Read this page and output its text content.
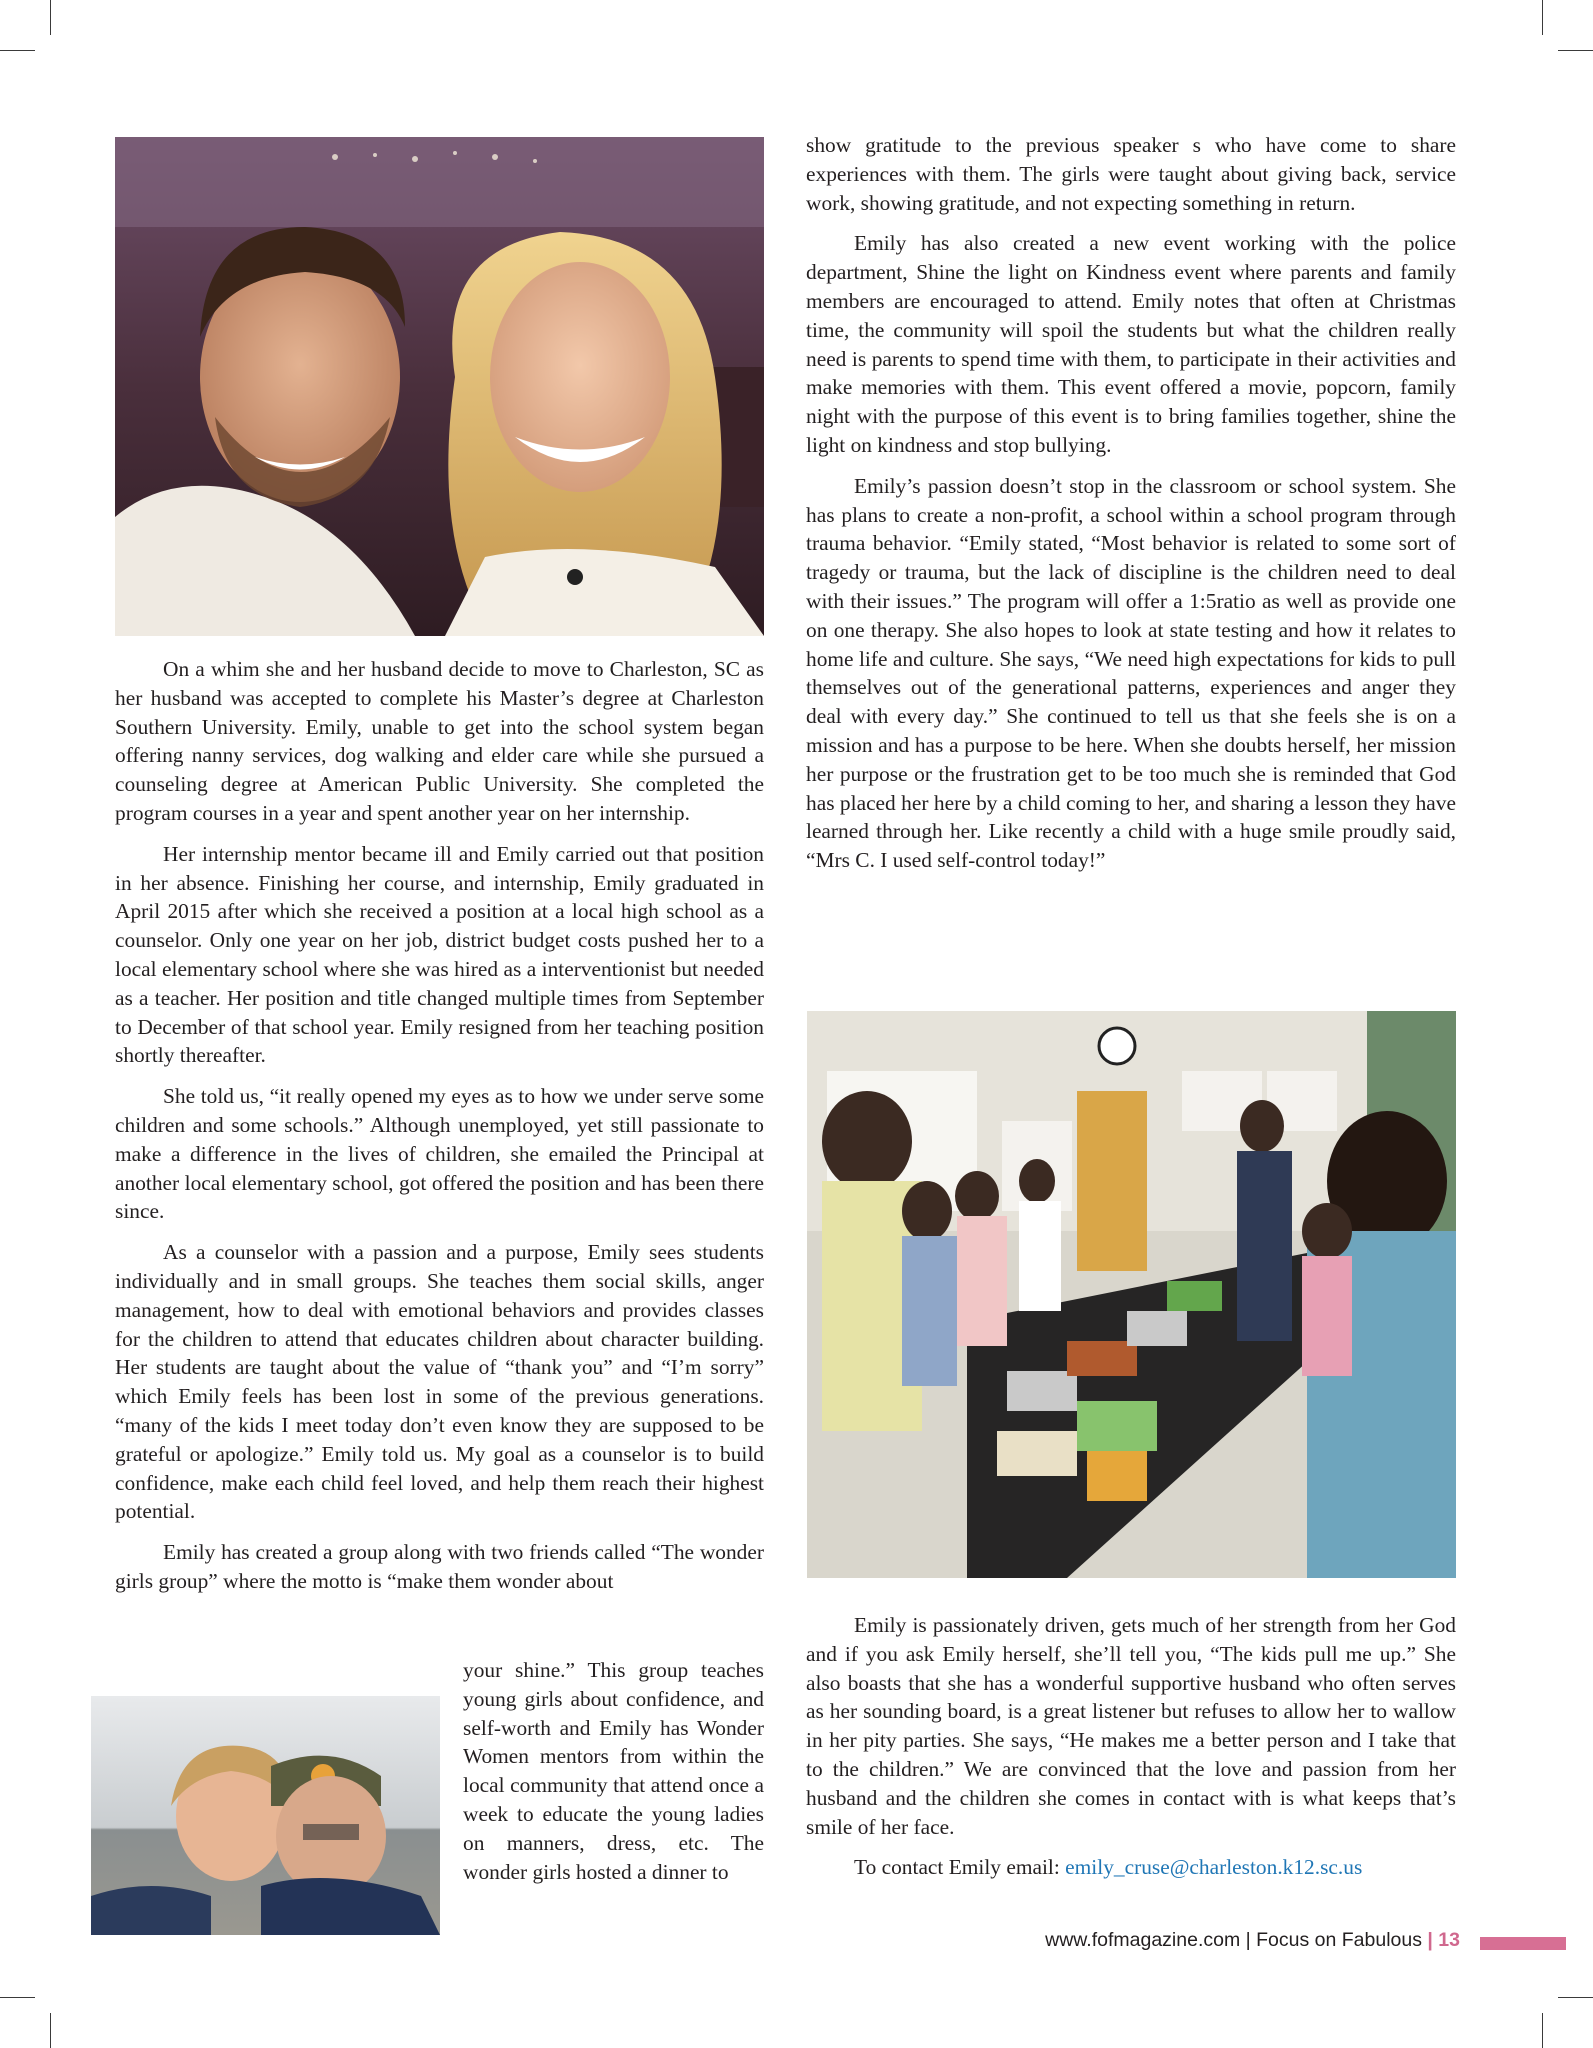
On a whim she and her husband decide to move to Charleston, SC as her husband was accepted to complete his Master’s degree at Charleston Southern University. Emily, unable to get into the school system began offering nanny services, dog walking and elder care while she pursued a counseling degree at American Public University. She completed the program courses in a year and spent another year on her internship.

Her internship mentor became ill and Emily carried out that position in her absence. Finishing her course, and internship, Emily graduated in April 2015 after which she received a position at a local high school as a counselor. Only one year on her job, district budget costs pushed her to a local elementary school where she was hired as a interventionist but needed as a teacher. Her position and title changed multiple times from September to December of that school year. Emily resigned from her teaching position shortly thereafter.

She told us, “it really opened my eyes as to how we under serve some children and some schools.” Although unemployed, yet still passionate to make a difference in the lives of children, she emailed the Principal at another local elementary school, got offered the position and has been there since.

As a counselor with a passion and a purpose, Emily sees students individually and in small groups. She teaches them social skills, anger management, how to deal with emotional behaviors and provides classes for the children to attend that educates children about character building. Her students are taught about the value of “thank you” and “I’m sorry” which Emily feels has been lost in some of the previous generations. “many of the kids I meet today don’t even know they are supposed to be grateful or apologize.” Emily told us. My goal as a counselor is to build confidence, make each child feel loved, and help them reach their highest potential.

Emily has created a group along with two friends called “The wonder girls group” where the motto is “make them wonder about

your shine.” This group teaches young girls about confidence, and self-worth and Emily has Wonder Women mentors from within the local community that attend once a week to educate the young ladies on manners, dress, etc. The wonder girls hosted a dinner to

show gratitude to the previous speaker s who have come to share experiences with them. The girls were taught about giving back, service work, showing gratitude, and not expecting something in return.

Emily has also created a new event working with the police department, Shine the light on Kindness event where parents and family members are encouraged to attend. Emily notes that often at Christmas time, the community will spoil the students but what the children really need is parents to spend time with them, to participate in their activities and make memories with them. This event offered a movie, popcorn, family night with the purpose of this event is to bring families together, shine the light on kindness and stop bullying.

Emily’s passion doesn’t stop in the classroom or school system. She has plans to create a non-profit, a school within a school program through trauma behavior. “Emily stated, “Most behavior is related to some sort of tragedy or trauma, but the lack of discipline is the children need to deal with their issues.” The program will offer a 1:5ratio as well as provide one on one therapy. She also hopes to look at state testing and how it relates to home life and culture. She says, “We need high expectations for kids to pull themselves out of the generational patterns, experiences and anger they deal with every day.” She continued to tell us that she feels she is on a mission and has a purpose to be here. When she doubts herself, her mission her purpose or the frustration get to be too much she is reminded that God has placed her here by a child coming to her, and sharing a lesson they have learned through her. Like recently a child with a huge smile proudly said, “Mrs C. I used self-control today!”

Emily is passionately driven, gets much of her strength from her God and if you ask Emily herself, she’ll tell you, “The kids pull me up.” She also boasts that she has a wonderful supportive husband who often serves as her sounding board, is a great listener but refuses to allow her to wallow in her pity parties. She says, “He makes me a better person and I take that to the children.” We are convinced that the love and passion from her husband and the children she comes in contact with is what keeps that’s smile of her face.

To contact Emily email: emily_cruse@charleston.k12.sc.us

www.fofmagazine.com | Focus on Fabulous | 13
